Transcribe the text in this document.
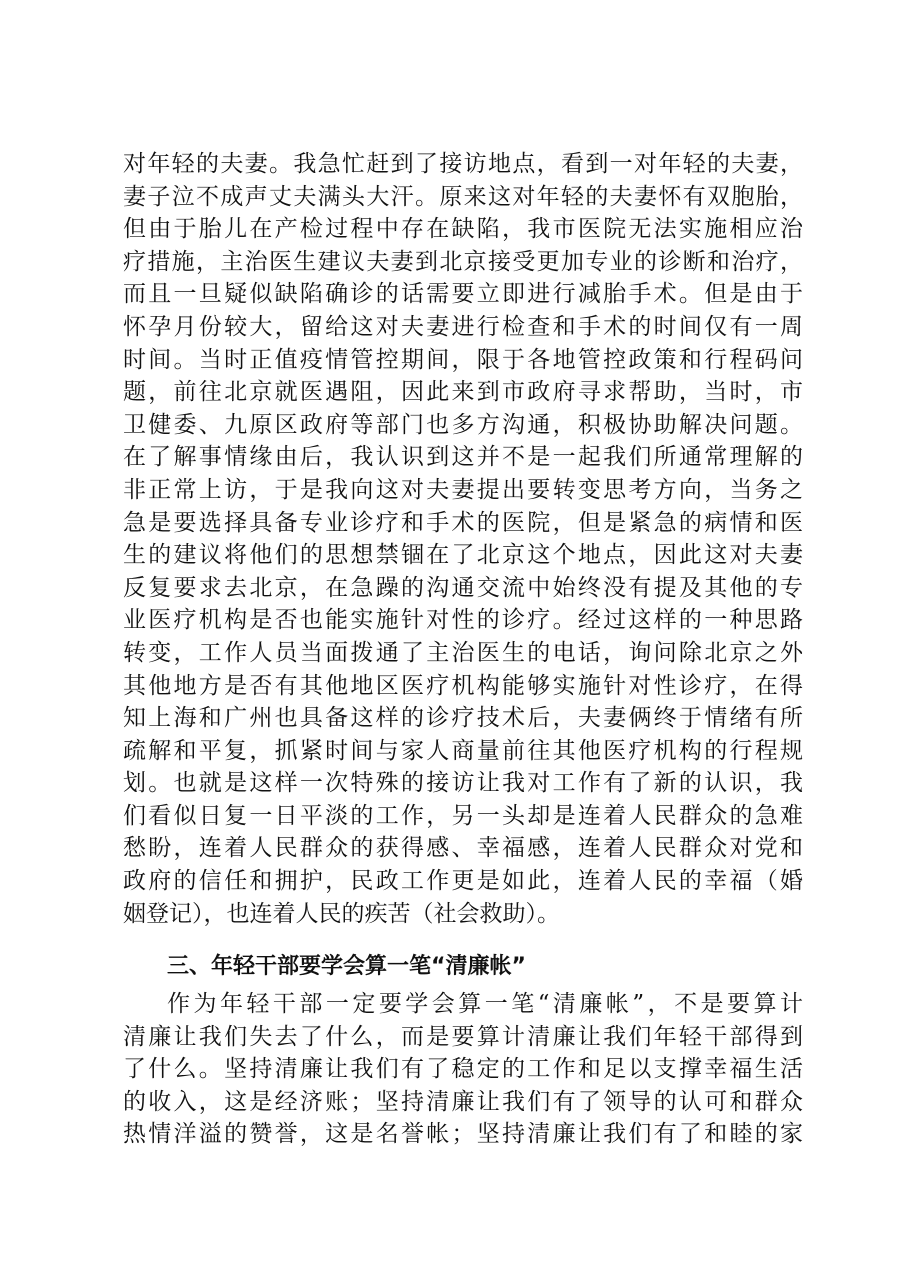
对年轻的夫妻。我急忙赶到了接访地点，看到一对年轻的夫妻，
妻子泣不成声丈夫满头大汗。原来这对年轻的夫妻怀有双胞胎，
但由于胎儿在产检过程中存在缺陷，我市医院无法实施相应治
疗措施，主治医生建议夫妻到北京接受更加专业的诊断和治疗，
而且一旦疑似缺陷确诊的话需要立即进行减胎手术。但是由于
怀孕月份较大，留给这对夫妻进行检查和手术的时间仅有一周
时间。当时正值疫情管控期间，限于各地管控政策和行程码问
题，前往北京就医遇阻，因此来到市政府寻求帮助，当时，市
卫健委、九原区政府等部门也多方沟通，积极协助解决问题。
在了解事情缘由后，我认识到这并不是一起我们所通常理解的
非正常上访，于是我向这对夫妻提出要转变思考方向，当务之
急是要选择具备专业诊疗和手术的医院，但是紧急的病情和医
生的建议将他们的思想禁锢在了北京这个地点，因此这对夫妻
反复要求去北京，在急躁的沟通交流中始终没有提及其他的专
业医疗机构是否也能实施针对性的诊疗。经过这样的一种思路
转变，工作人员当面拨通了主治医生的电话，询问除北京之外
其他地方是否有其他地区医疗机构能够实施针对性诊疗，在得
知上海和广州也具备这样的诊疗技术后，夫妻俩终于情绪有所
疏解和平复，抓紧时间与家人商量前往其他医疗机构的行程规
划。也就是这样一次特殊的接访让我对工作有了新的认识，我
们看似日复一日平淡的工作，另一头却是连着人民群众的急难
愁盼，连着人民群众的获得感、幸福感，连着人民群众对党和
政府的信任和拥护，民政工作更是如此，连着人民的幸福（婚
姻登记），也连着人民的疾苦（社会救助）。
三、年轻干部要学会算一笔“清廉帐”
作为年轻干部一定要学会算一笔“清廉帐”，不是要算计
清廉让我们失去了什么，而是要算计清廉让我们年轻干部得到
了什么。坚持清廉让我们有了稳定的工作和足以支撑幸福生活
的收入，这是经济账；坚持清廉让我们有了领导的认可和群众
热情洋溢的赞誉，这是名誉帐；坚持清廉让我们有了和睦的家
